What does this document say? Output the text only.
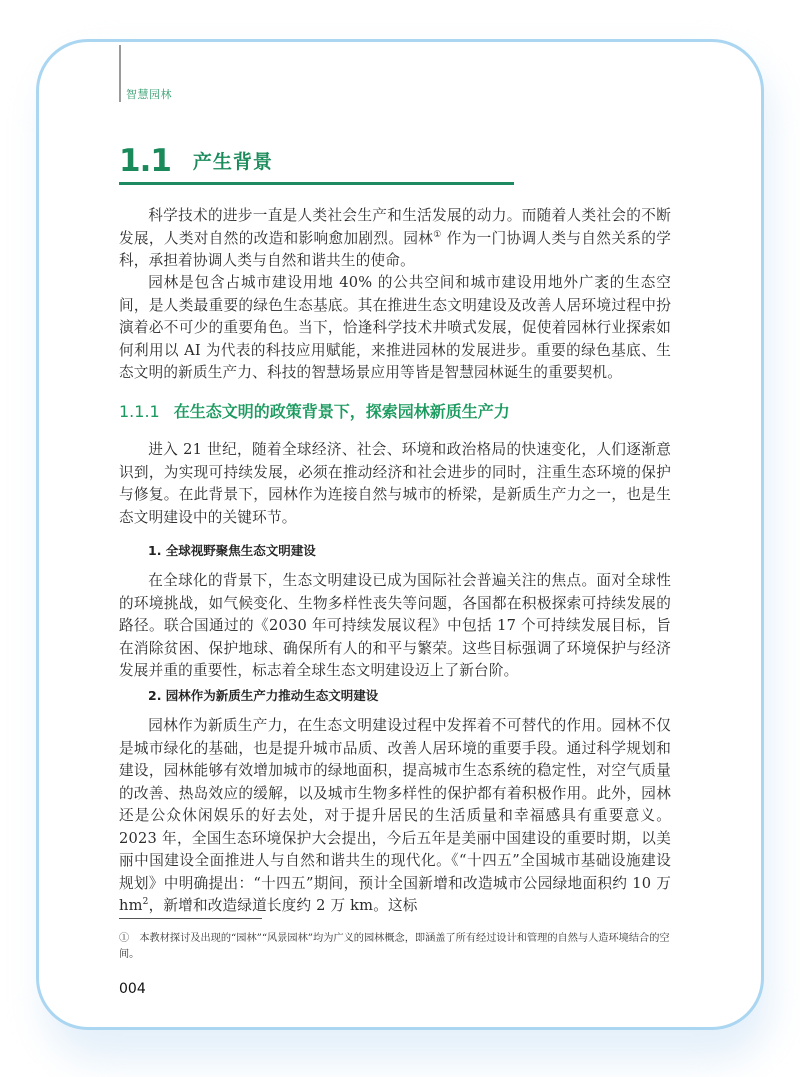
智慧园林
1.1 产生背景

科学技术的进步一直是人类社会生产和生活发展的动力。而随着人类社会的不断发展，人类对自然的改造和影响愈加剧烈。园林① 作为一门协调人类与自然关系的学科，承担着协调人类与自然和谐共生的使命。

园林是包含占城市建设用地 40% 的公共空间和城市建设用地外广袤的生态空间，是人类最重要的绿色生态基底。其在推进生态文明建设及改善人居环境过程中扮演着必不可少的重要角色。当下，恰逢科学技术井喷式发展，促使着园林行业探索如何利用以 AI 为代表的科技应用赋能，来推进园林的发展进步。重要的绿色基底、生态文明的新质生产力、科技的智慧场景应用等皆是智慧园林诞生的重要契机。

1.1.1 在生态文明的政策背景下，探索园林新质生产力

进入 21 世纪，随着全球经济、社会、环境和政治格局的快速变化，人们逐渐意识到，为实现可持续发展，必须在推动经济和社会进步的同时，注重生态环境的保护与修复。在此背景下，园林作为连接自然与城市的桥梁，是新质生产力之一，也是生态文明建设中的关键环节。

1. 全球视野聚焦生态文明建设

在全球化的背景下，生态文明建设已成为国际社会普遍关注的焦点。面对全球性的环境挑战，如气候变化、生物多样性丧失等问题，各国都在积极探索可持续发展的路径。联合国通过的《2030 年可持续发展议程》中包括 17 个可持续发展目标，旨在消除贫困、保护地球、确保所有人的和平与繁荣。这些目标强调了环境保护与经济发展并重的重要性，标志着全球生态文明建设迈上了新台阶。

2. 园林作为新质生产力推动生态文明建设

园林作为新质生产力，在生态文明建设过程中发挥着不可替代的作用。园林不仅是城市绿化的基础，也是提升城市品质、改善人居环境的重要手段。通过科学规划和建设，园林能够有效增加城市的绿地面积，提高城市生态系统的稳定性，对空气质量的改善、热岛效应的缓解，以及城市生物多样性的保护都有着积极作用。此外，园林还是公众休闲娱乐的好去处，对于提升居民的生活质量和幸福感具有重要意义。2023 年，全国生态环境保护大会提出，今后五年是美丽中国建设的重要时期，以美丽中国建设全面推进人与自然和谐共生的现代化。《“十四五”全国城市基础设施建设规划》中明确提出：“十四五”期间，预计全国新增和改造城市公园绿地面积约 10 万 $hm^2$，新增和改造绿道长度约 2 万 km。这标

①　本教材探讨及出现的“园林”“风景园林”均为广义的园林概念，即涵盖了所有经过设计和管理的自然与人造环境结合的空间。

004
